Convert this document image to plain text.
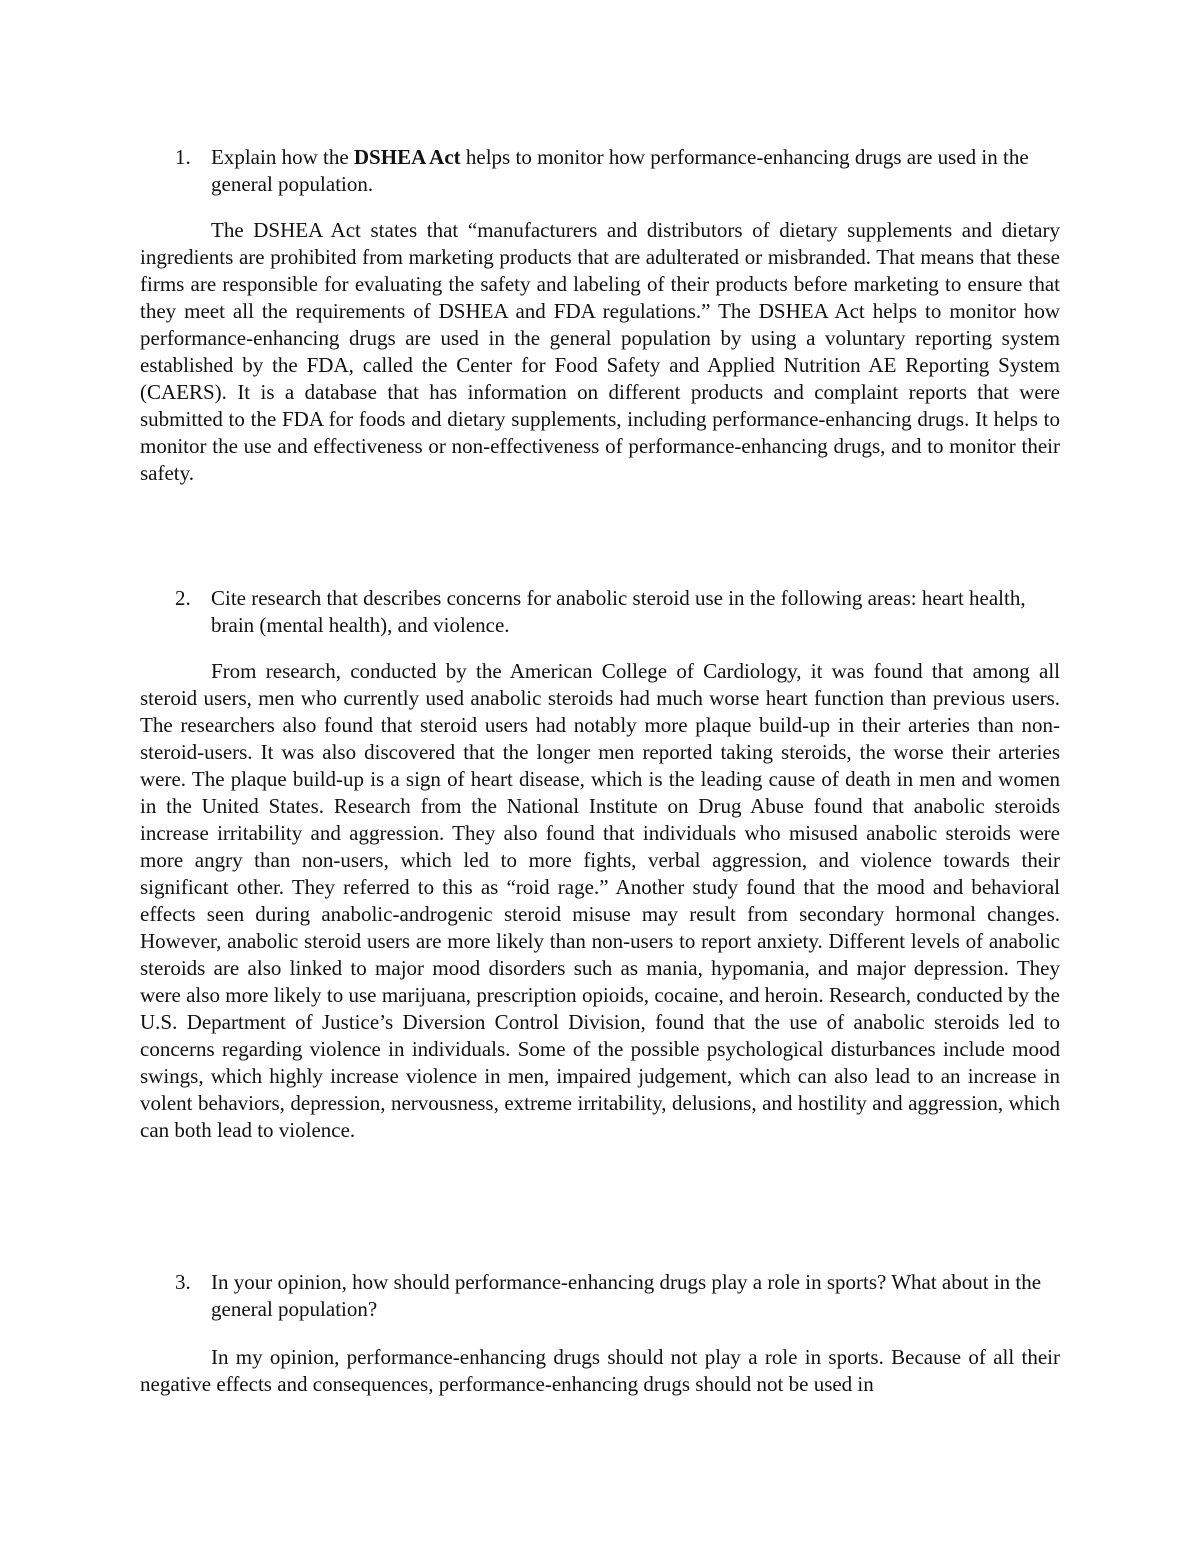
1. Explain how the DSHEA Act helps to monitor how performance-enhancing drugs are used in the general population.

The DSHEA Act states that “manufacturers and distributors of dietary supplements and dietary ingredients are prohibited from marketing products that are adulterated or misbranded. That means that these firms are responsible for evaluating the safety and labeling of their products before marketing to ensure that they meet all the requirements of DSHEA and FDA regulations.” The DSHEA Act helps to monitor how performance-enhancing drugs are used in the general population by using a voluntary reporting system established by the FDA, called the Center for Food Safety and Applied Nutrition AE Reporting System (CAERS). It is a database that has information on different products and complaint reports that were submitted to the FDA for foods and dietary supplements, including performance-enhancing drugs. It helps to monitor the use and effectiveness or non-effectiveness of performance-enhancing drugs, and to monitor their safety.

2. Cite research that describes concerns for anabolic steroid use in the following areas: heart health, brain (mental health), and violence.

From research, conducted by the American College of Cardiology, it was found that among all steroid users, men who currently used anabolic steroids had much worse heart function than previous users. The researchers also found that steroid users had notably more plaque build-up in their arteries than non-steroid-users. It was also discovered that the longer men reported taking steroids, the worse their arteries were. The plaque build-up is a sign of heart disease, which is the leading cause of death in men and women in the United States. Research from the National Institute on Drug Abuse found that anabolic steroids increase irritability and aggression. They also found that individuals who misused anabolic steroids were more angry than non-users, which led to more fights, verbal aggression, and violence towards their significant other. They referred to this as “roid rage.” Another study found that the mood and behavioral effects seen during anabolic-androgenic steroid misuse may result from secondary hormonal changes. However, anabolic steroid users are more likely than non-users to report anxiety. Different levels of anabolic steroids are also linked to major mood disorders such as mania, hypomania, and major depression. They were also more likely to use marijuana, prescription opioids, cocaine, and heroin. Research, conducted by the U.S. Department of Justice’s Diversion Control Division, found that the use of anabolic steroids led to concerns regarding violence in individuals. Some of the possible psychological disturbances include mood swings, which highly increase violence in men, impaired judgement, which can also lead to an increase in volent behaviors, depression, nervousness, extreme irritability, delusions, and hostility and aggression, which can both lead to violence.

3. In your opinion, how should performance-enhancing drugs play a role in sports? What about in the general population?

In my opinion, performance-enhancing drugs should not play a role in sports. Because of all their negative effects and consequences, performance-enhancing drugs should not be used in
